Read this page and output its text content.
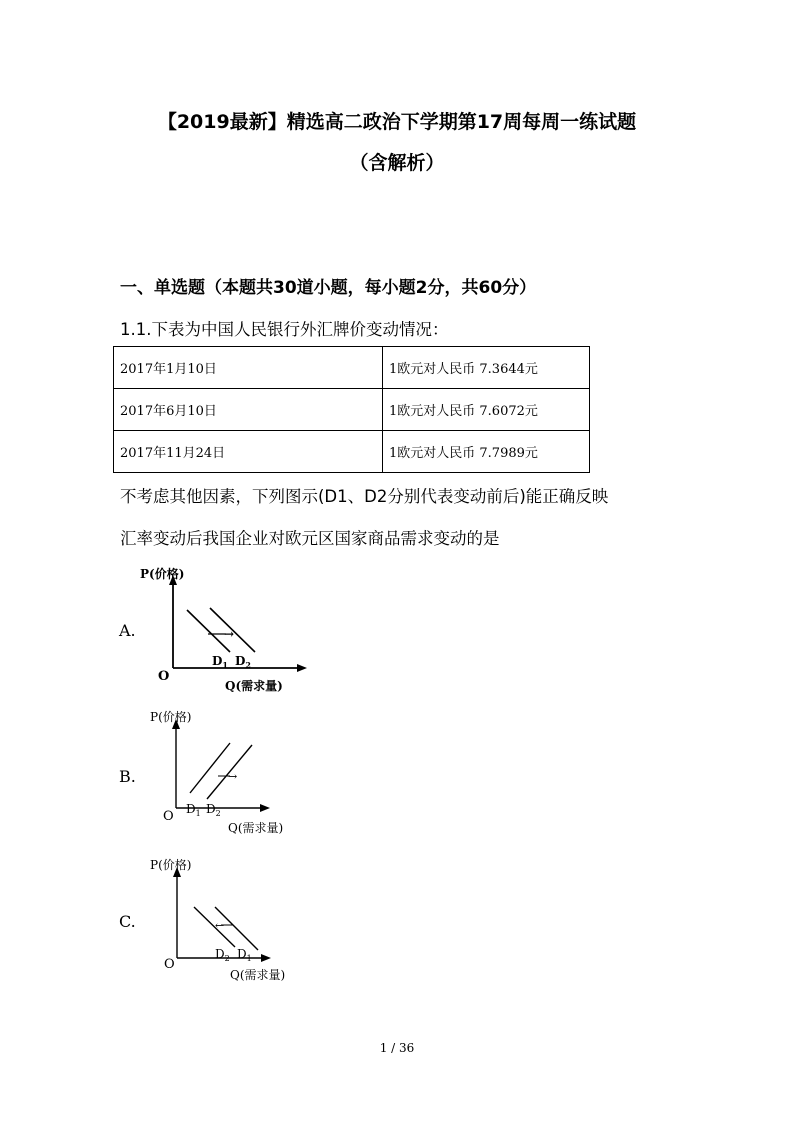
【2019最新】精选高二政治下学期第17周每周一练试题
（含解析）
一、单选题（本题共30道小题，每小题2分，共60分）
1.1.下表为中国人民银行外汇牌价变动情况：
2017年1月10日	1欧元对人民币 7.3644元
2017年6月10日	1欧元对人民币 7.6072元
2017年11月24日	1欧元对人民币 7.7989元
不考虑其他因素，下列图示(D1、D2分别代表变动前后)能正确反映
汇率变动后我国企业对欧元区国家商品需求变动的是
A.	→
P(价格)
O
Q(需求量)
$D_1$ $D_2$
B.	→
P(价格)
O
Q(需求量)
$D_1$ $D_2$
C.	←
P(价格)
O
Q(需求量)
$D_2$ $D_1$
1 / 36
